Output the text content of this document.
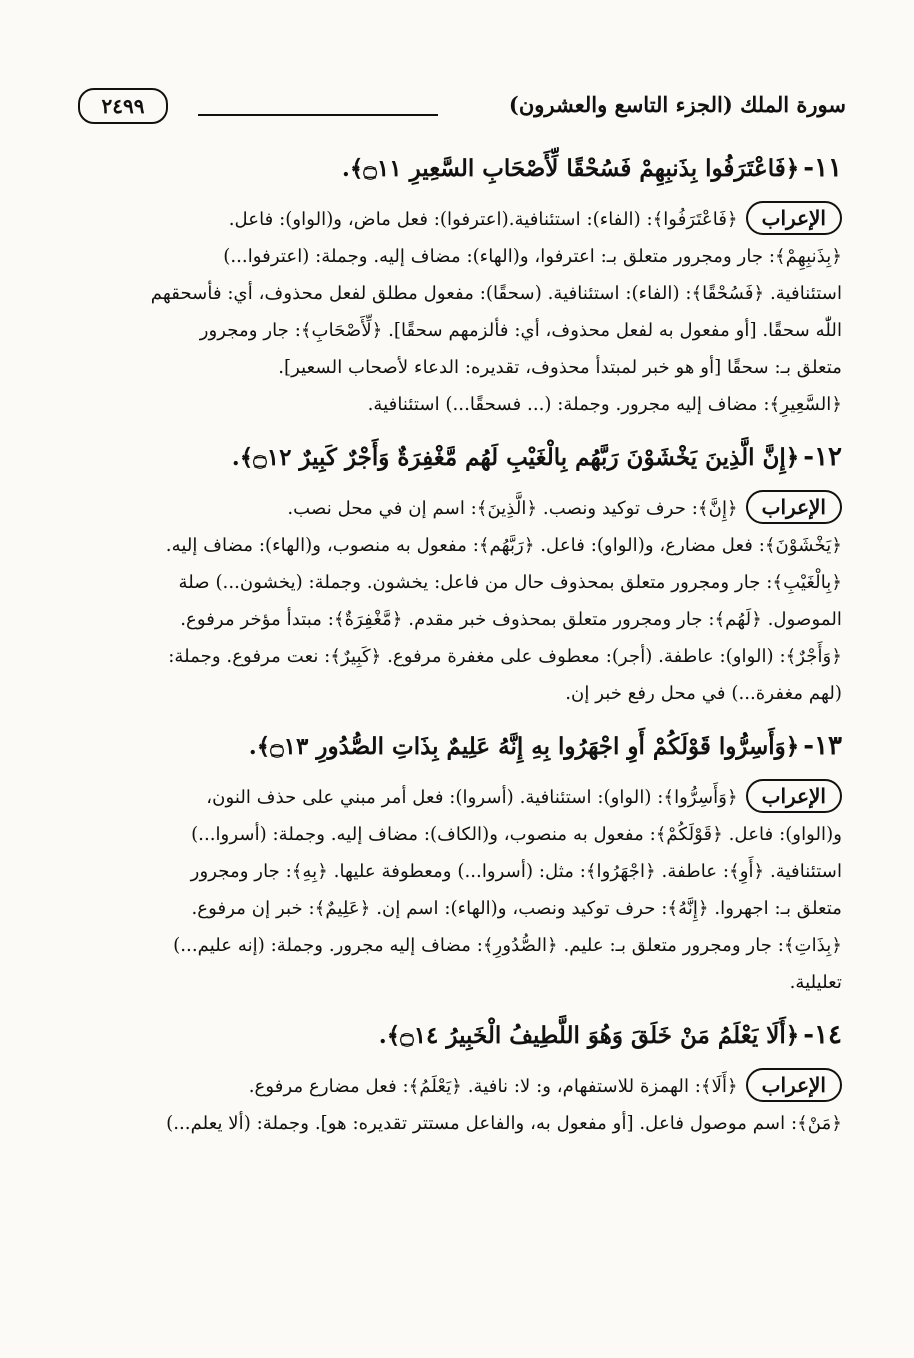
سورة الملك (الجزء التاسع والعشرون)
٢٤٩٩
١١-﴿فَاعْتَرَفُوا بِذَنبِهِمْ فَسُحْقًا لِّأَصْحَابِ السَّعِيرِ ۝١١﴾.

الإعراب﴿فَاعْتَرَفُوا﴾: (الفاء): استئنافية.(اعترفوا): فعل ماض، و(الواو): فاعل.

﴿بِذَنبِهِمْ﴾: جار ومجرور متعلق بـ: اعترفوا، و(الهاء): مضاف إليه. وجملة: (اعترفوا...)

استئنافية. ﴿فَسُحْقًا﴾: (الفاء): استئنافية. (سحقًا): مفعول مطلق لفعل محذوف، أي: فأسحقهم

اللّٰه سحقًا. [أو مفعول به لفعل محذوف، أي: فألزمهم سحقًا]. ﴿لِّأَصْحَابِ﴾: جار ومجرور

متعلق بـ: سحقًا [أو هو خبر لمبتدأ محذوف، تقديره: الدعاء لأصحاب السعير].

﴿السَّعِيرِ﴾: مضاف إليه مجرور. وجملة: (... فسحقًا...) استئنافية.

١٢-﴿إِنَّ الَّذِينَ يَخْشَوْنَ رَبَّهُم بِالْغَيْبِ لَهُم مَّغْفِرَةٌ وَأَجْرٌ كَبِيرٌ ۝١٢﴾.

الإعراب﴿إِنَّ﴾: حرف توكيد ونصب. ﴿الَّذِينَ﴾: اسم إن في محل نصب.

﴿يَخْشَوْنَ﴾: فعل مضارع، و(الواو): فاعل. ﴿رَبَّهُم﴾: مفعول به منصوب، و(الهاء): مضاف إليه.

﴿بِالْغَيْبِ﴾: جار ومجرور متعلق بمحذوف حال من فاعل: يخشون. وجملة: (يخشون...) صلة

الموصول. ﴿لَهُم﴾: جار ومجرور متعلق بمحذوف خبر مقدم. ﴿مَّغْفِرَةٌ﴾: مبتدأ مؤخر مرفوع.

﴿وَأَجْرٌ﴾: (الواو): عاطفة. (أجر): معطوف على مغفرة مرفوع. ﴿كَبِيرٌ﴾: نعت مرفوع. وجملة:

(لهم مغفرة...) في محل رفع خبر إن.

١٣-﴿وَأَسِرُّوا قَوْلَكُمْ أَوِ اجْهَرُوا بِهِ إِنَّهُ عَلِيمٌ بِذَاتِ الصُّدُورِ ۝١٣﴾.

الإعراب﴿وَأَسِرُّوا﴾: (الواو): استئنافية. (أسروا): فعل أمر مبني على حذف النون،

و(الواو): فاعل. ﴿قَوْلَكُمْ﴾: مفعول به منصوب، و(الكاف): مضاف إليه. وجملة: (أسروا...)

استئنافية. ﴿أَوِ﴾: عاطفة. ﴿اجْهَرُوا﴾: مثل: (أسروا...) ومعطوفة عليها. ﴿بِهِ﴾: جار ومجرور

متعلق بـ: اجهروا. ﴿إِنَّهُ﴾: حرف توكيد ونصب، و(الهاء): اسم إن. ﴿عَلِيمٌ﴾: خبر إن مرفوع.

﴿بِذَاتِ﴾: جار ومجرور متعلق بـ: عليم. ﴿الصُّدُورِ﴾: مضاف إليه مجرور. وجملة: (إنه عليم...)

تعليلية.

١٤-﴿أَلَا يَعْلَمُ مَنْ خَلَقَ وَهُوَ اللَّطِيفُ الْخَبِيرُ ۝١٤﴾.

الإعراب﴿أَلَا﴾: الهمزة للاستفهام، و: لا: نافية. ﴿يَعْلَمُ﴾: فعل مضارع مرفوع.

﴿مَنْ﴾: اسم موصول فاعل. [أو مفعول به، والفاعل مستتر تقديره: هو]. وجملة: (ألا يعلم...)
